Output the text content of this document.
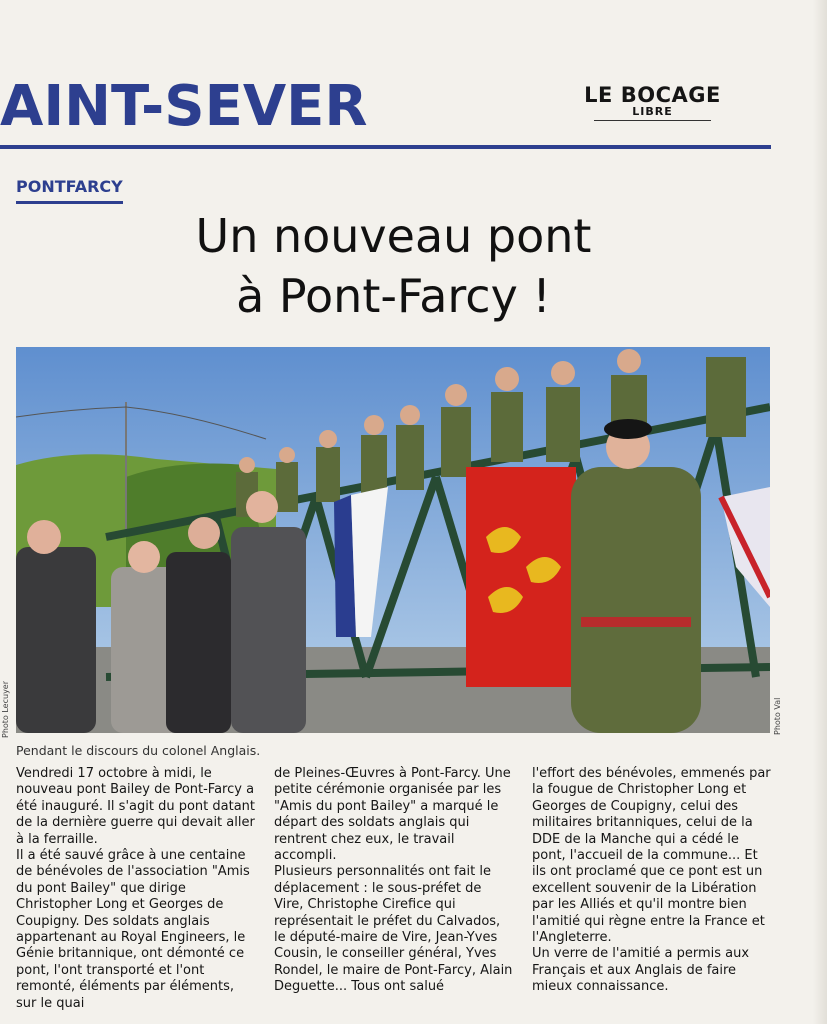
AINT-SEVER	LE BOCAGE
LIBRE
PONTFARCY
Un nouveau pont
à Pont-Farcy !
Photo Lecuyer	Photo Val
Pendant le discours du colonel Anglais.

Vendredi 17 octobre à midi, le nouveau pont Bailey de Pont-Farcy a été inauguré. Il s'agit du pont datant de la dernière guerre qui devait aller à la ferraille.

Il a été sauvé grâce à une centaine de bénévoles de l'association "Amis du pont Bailey" que dirige Christopher Long et Georges de Coupigny. Des soldats anglais appartenant au Royal Engineers, le Génie britannique, ont démonté ce pont, l'ont transporté et l'ont remonté, éléments par éléments, sur le quai

de Pleines-Œuvres à Pont-Farcy. Une petite cérémonie organisée par les "Amis du pont Bailey" a marqué le départ des soldats anglais qui rentrent chez eux, le travail accompli.

Plusieurs personnalités ont fait le déplacement : le sous-préfet de Vire, Christophe Cirefice qui représentait le préfet du Calvados, le député-maire de Vire, Jean-Yves Cousin, le conseiller général, Yves Rondel, le maire de Pont-Farcy, Alain Deguette... Tous ont salué

l'effort des bénévoles, emmenés par la fougue de Christopher Long et Georges de Coupigny, celui des militaires britanniques, celui de la DDE de la Manche qui a cédé le pont, l'accueil de la commune... Et ils ont proclamé que ce pont est un excellent souvenir de la Libération par les Alliés et qu'il montre bien l'amitié qui règne entre la France et l'Angleterre.

Un verre de l'amitié a permis aux Français et aux Anglais de faire mieux connaissance.
